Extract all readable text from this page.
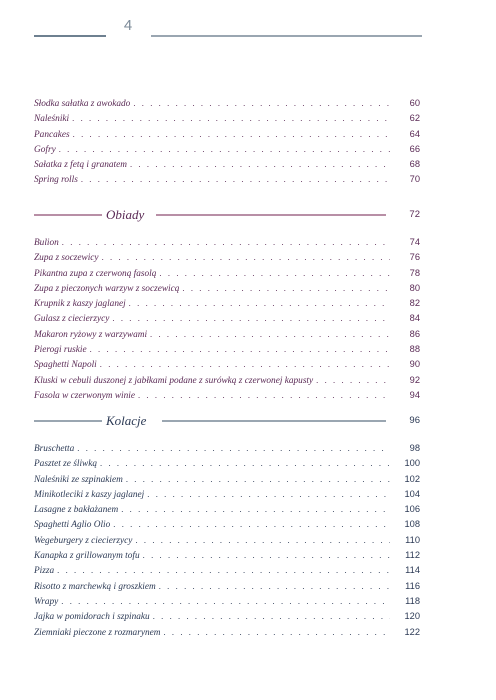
4
Słodka sałatka z awokado . . .	60
Naleśniki . . .	62
Pancakes . . .	64
Gofry . . .	66
Sałatka z fetą i granatem . . .	68
Spring rolls . . .	70
Obiady	72
Bulion . . .	74
Zupa z soczewicy . . .	76
Pikantna zupa z czerwoną fasolą . . .	78
Zupa z pieczonych warzyw z soczewicą . . .	80
Krupnik z kaszy jaglanej . . .	82
Gulasz z ciecierzycy . . .	84
Makaron ryżowy z warzywami . . .	86
Pierogi ruskie . . .	88
Spaghetti Napoli . . .	90
Kluski w cebuli duszonej z jabłkami podane z surówką z czerwonej kapusty . . .	92
Fasola w czerwonym winie . . .	94
Kolacje	96
Bruschetta . . .	98
Pasztet ze śliwką . . .	100
Naleśniki ze szpinakiem . . .	102
Minikotleciki z kaszy jaglanej . . .	104
Lasagne z bakłażanem . . .	106
Spaghetti Aglio Olio . . .	108
Wegeburgery z ciecierzycy . . .	110
Kanapka z grillowanym tofu . . .	112
Pizza . . .	114
Risotto z marchewką i groszkiem . . .	116
Wrapy . . .	118
Jajka w pomidorach i szpinaku . . .	120
Ziemniaki pieczone z rozmarynem . . .	122
